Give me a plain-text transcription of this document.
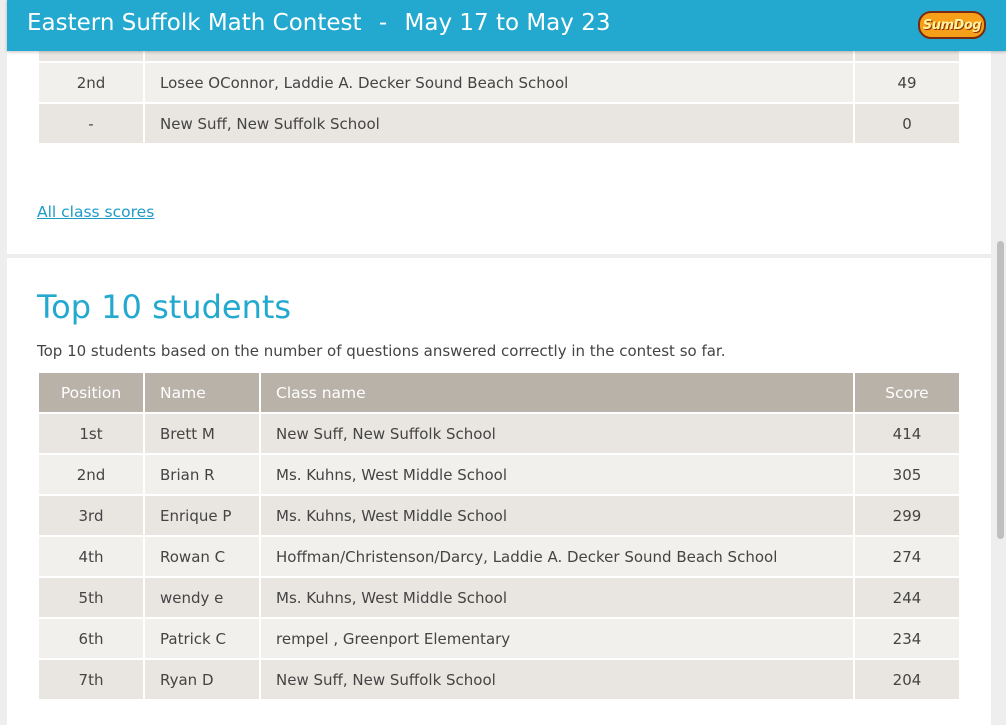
Eastern Suffolk Math Contest - May 17 to May 23	SumDog

2nd	Losee OConnor, Laddie A. Decker Sound Beach School	49
-	New Suff, New Suffolk School	0
All class scores
Top 10 students

Top 10 students based on the number of questions answered correctly in the contest so far.

Position	Name	Class name	Score
1st	Brett M	New Suff, New Suffolk School	414
2nd	Brian R	Ms. Kuhns, West Middle School	305
3rd	Enrique P	Ms. Kuhns, West Middle School	299
4th	Rowan C	Hoffman/Christenson/Darcy, Laddie A. Decker Sound Beach School	274
5th	wendy e	Ms. Kuhns, West Middle School	244
6th	Patrick C	rempel , Greenport Elementary	234
7th	Ryan D	New Suff, New Suffolk School	204
